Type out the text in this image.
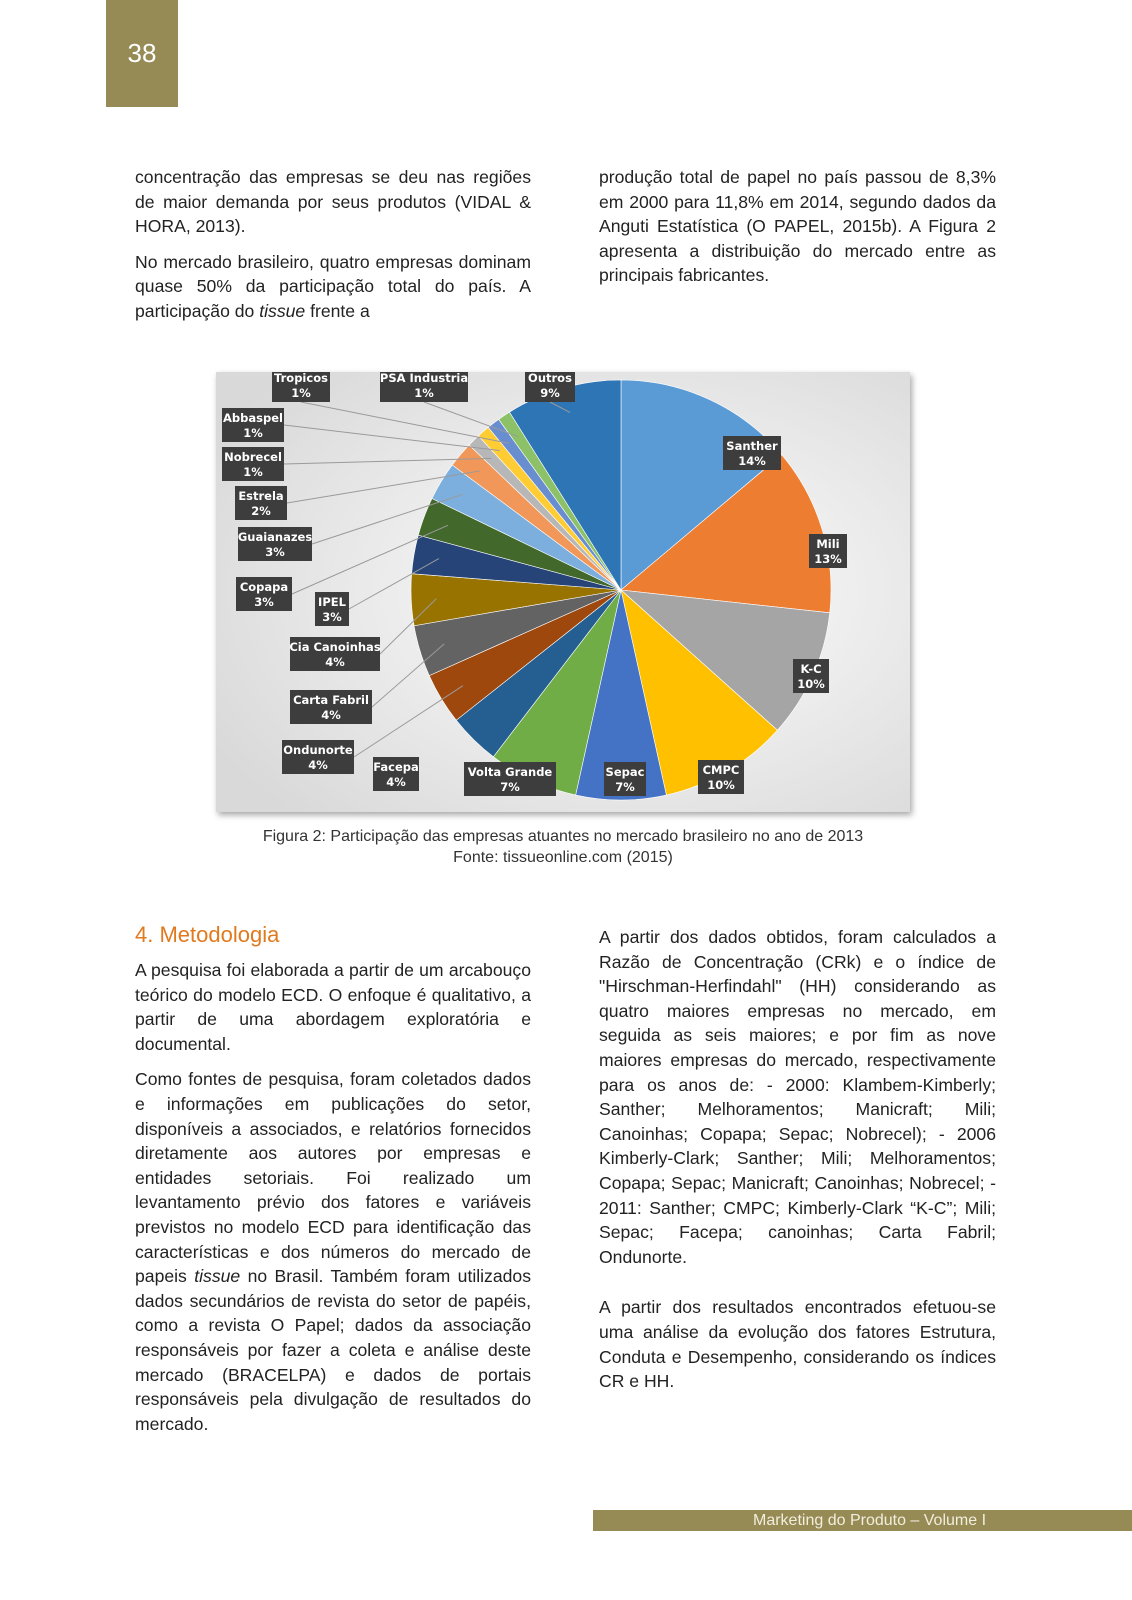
38

concentração das empresas se deu nas regiões de maior demanda por seus produtos (VIDAL & HORA, 2013).

No mercado brasileiro, quatro empresas dominam quase 50% da participação total do país. A participação do tissue frente a

produção total de papel no país passou de 8,3% em 2000 para 11,8% em 2014, segundo dados da Anguti Estatística (O PAPEL, 2015b). A Figura 2 apresenta a distribuição do mercado entre as principais fabricantes.

Santher
14%
Mili
13%
K-C
10%
CMPC
10%
Sepac
7%
Volta Grande
7%
Facepa
4%
Ondunorte
4%
Carta Fabril
4%
Cia Canoinhas
4%
IPEL
3%
Copapa
3%
Guaianazes
3%
Estrela
2%
Nobrecel
1%
Abbaspel
1%
Tropicos
1%
PSA Industria
1%
Outros
9%
Figura 2: Participação das empresas atuantes no mercado brasileiro no ano de 2013
Fonte: tissueonline.com (2015)
4. Metodologia

A pesquisa foi elaborada a partir de um arcabouço teórico do modelo ECD. O enfoque é qualitativo, a partir de uma abordagem exploratória e documental.

Como fontes de pesquisa, foram coletados dados e informações em publicações do setor, disponíveis a associados, e relatórios fornecidos diretamente aos autores por empresas e entidades setoriais. Foi realizado um levantamento prévio dos fatores e variáveis previstos no modelo ECD para identificação das características e dos números do mercado de papeis tissue no Brasil. Também foram utilizados dados secundários de revista do setor de papéis, como a revista O Papel; dados da associação responsáveis por fazer a coleta e análise deste mercado (BRACELPA) e dados de portais responsáveis pela divulgação de resultados do mercado.

A partir dos dados obtidos, foram calculados a Razão de Concentração (CRk) e o índice de "Hirschman-Herfindahl" (HH) considerando as quatro maiores empresas no mercado, em seguida as seis maiores; e por fim as nove maiores empresas do mercado, respectivamente para os anos de: - 2000: Klambem-Kimberly; Santher; Melhoramentos; Manicraft; Mili; Canoinhas; Copapa; Sepac; Nobrecel); - 2006 Kimberly-Clark; Santher; Mili; Melhoramentos; Copapa; Sepac; Manicraft; Canoinhas; Nobrecel; - 2011: Santher; CMPC; Kimberly-Clark “K-C”; Mili; Sepac; Facepa; canoinhas; Carta Fabril; Ondunorte.

A partir dos resultados encontrados efetuou-se uma análise da evolução dos fatores Estrutura, Conduta e Desempenho, considerando os índices CR e HH.

Marketing do Produto – Volume I
